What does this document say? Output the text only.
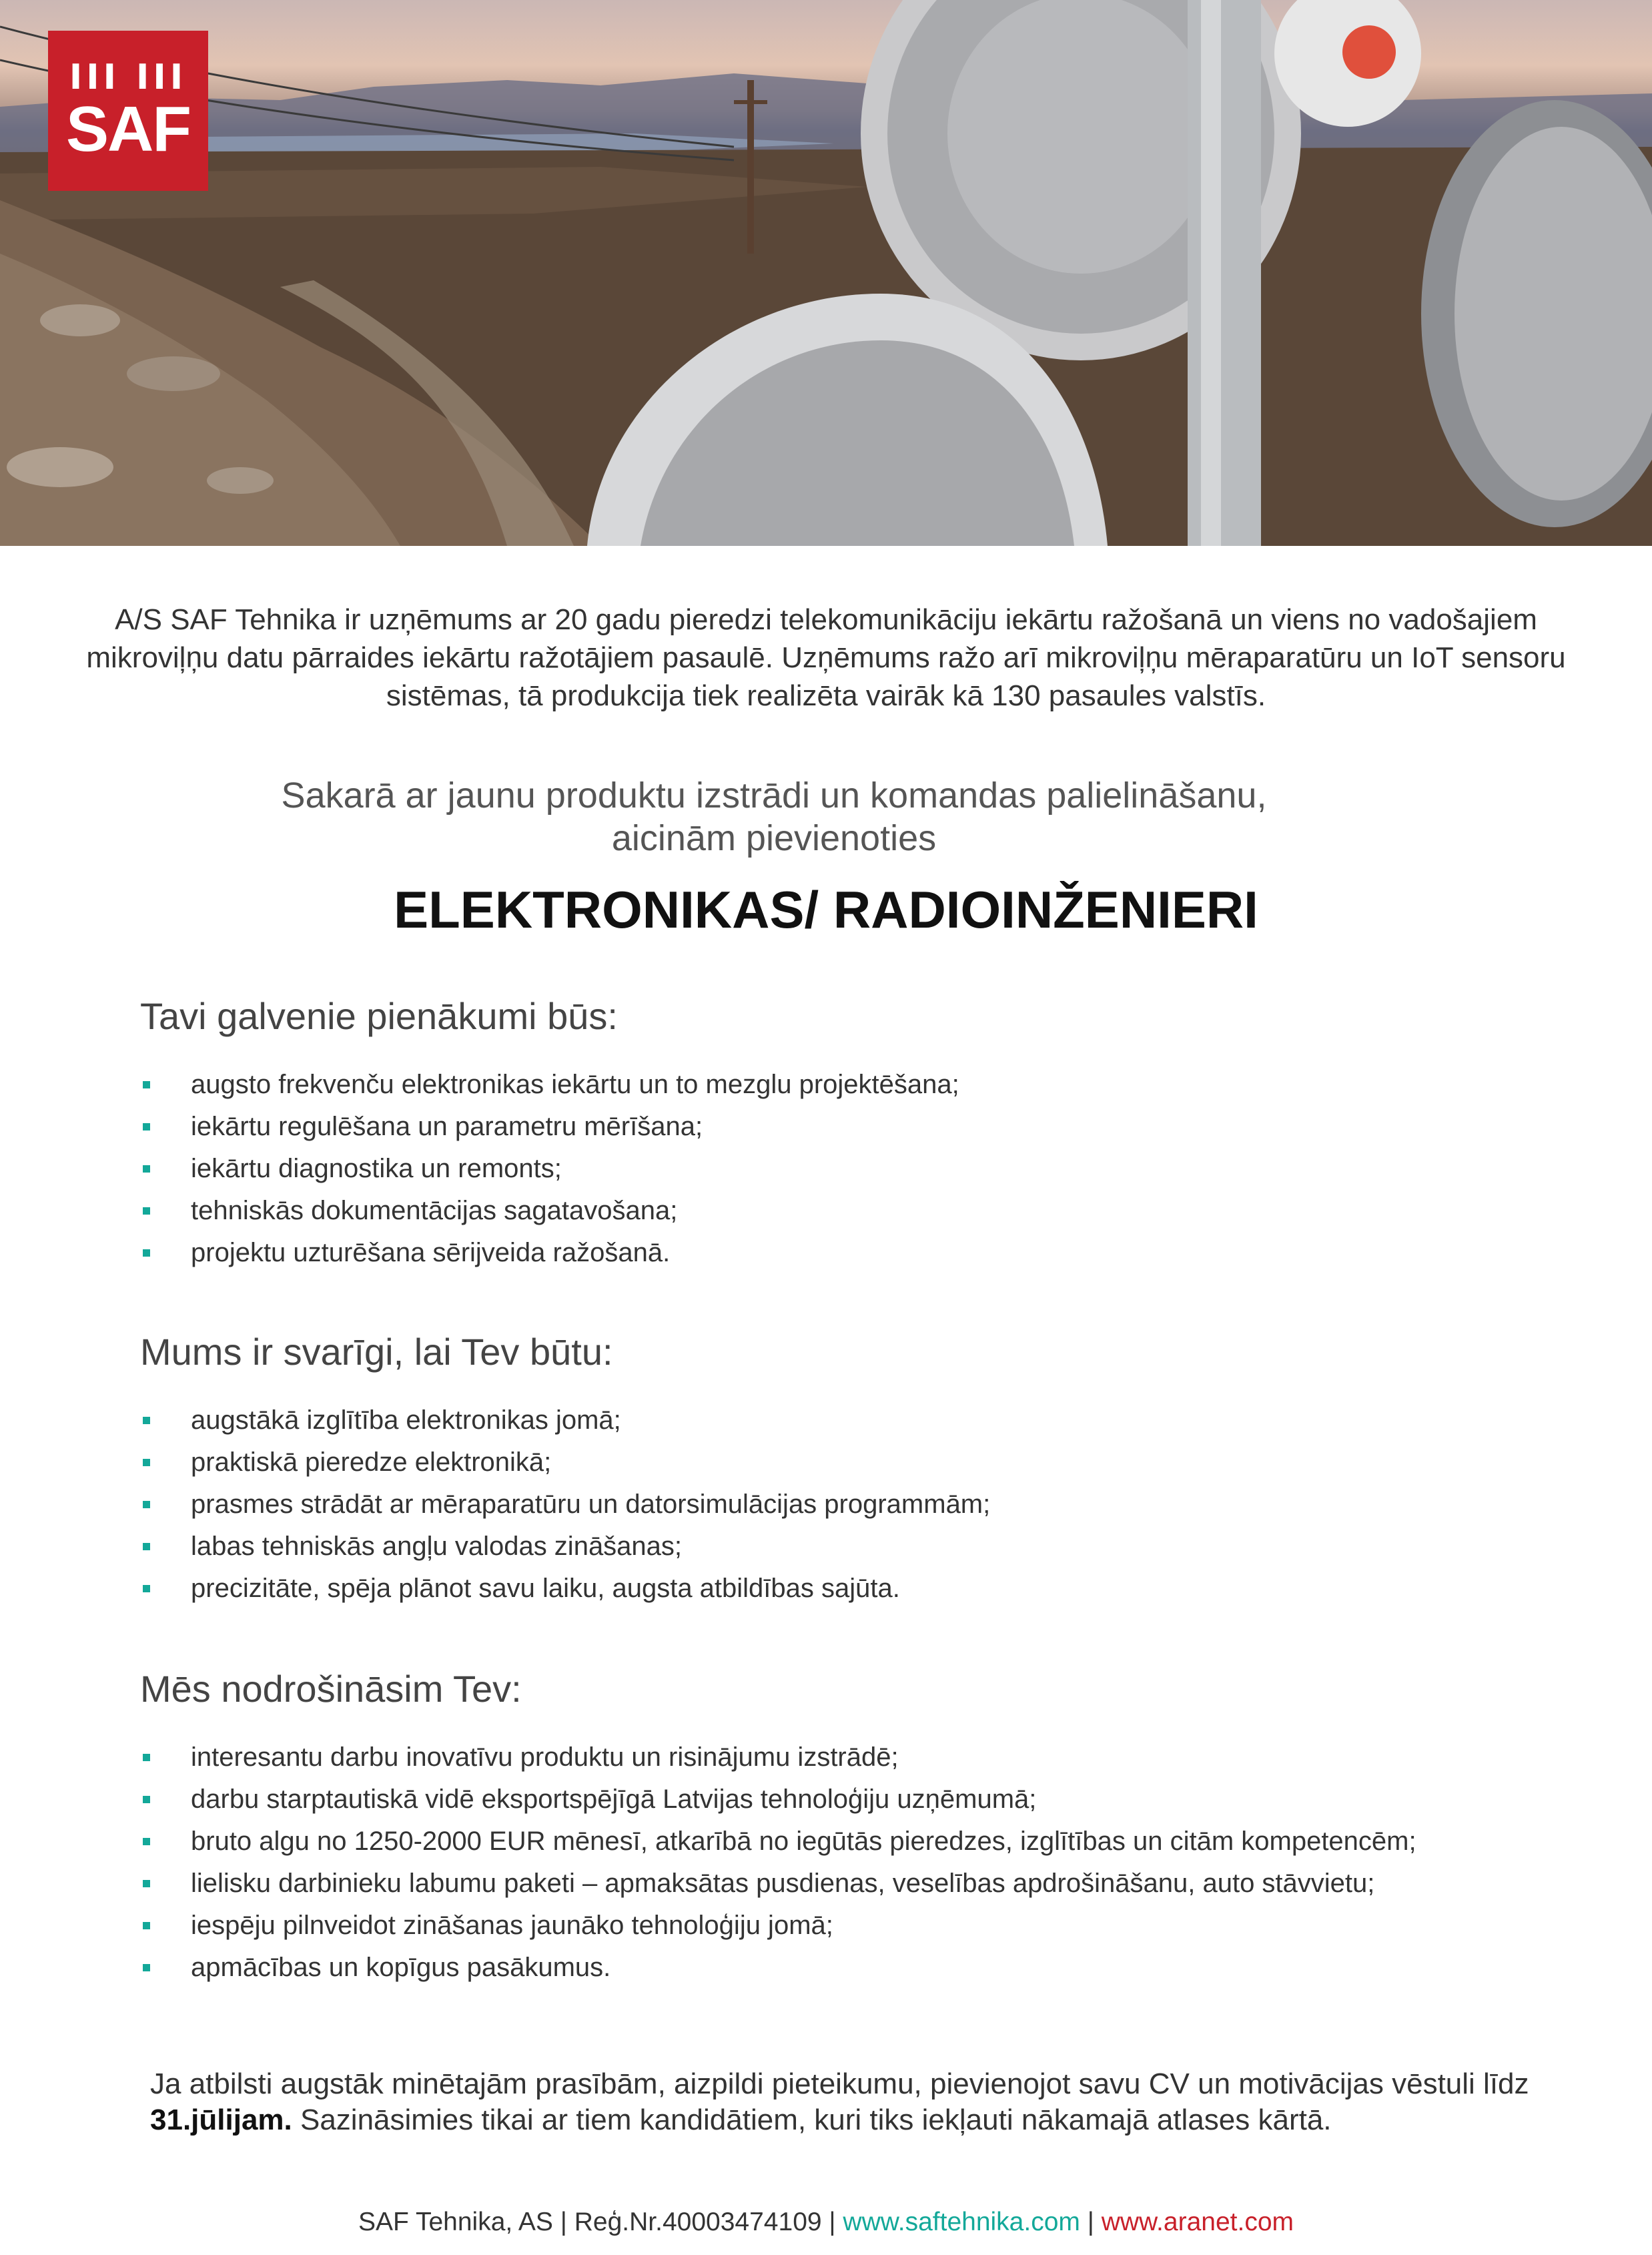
III III
SAF
A/S SAF Tehnika ir uzņēmums ar 20 gadu pieredzi telekomunikāciju iekārtu ražošanā un viens no vadošajiem mikroviļņu datu pārraides iekārtu ražotājiem pasaulē. Uzņēmums ražo arī mikroviļņu mēraparatūru un IoT sensoru sistēmas, tā produkcija tiek realizēta vairāk kā 130 pasaules valstīs.
Sakarā ar jaunu produktu izstrādi un komandas palielināšanu,
aicinām pievienoties
ELEKTRONIKAS/ RADIOINŽENIERI
Tavi galvenie pienākumi būs:
augsto frekvenču elektronikas iekārtu un to mezglu projektēšana;
iekārtu regulēšana un parametru mērīšana;
iekārtu diagnostika un remonts;
tehniskās dokumentācijas sagatavošana;
projektu uzturēšana sērijveida ražošanā.
Mums ir svarīgi, lai Tev būtu:
augstākā izglītība elektronikas jomā;
praktiskā pieredze elektronikā;
prasmes strādāt ar mēraparatūru un datorsimulācijas programmām;
labas tehniskās angļu valodas zināšanas;
precizitāte, spēja plānot savu laiku, augsta atbildības sajūta.
Mēs nodrošināsim Tev:
interesantu darbu inovatīvu produktu un risinājumu izstrādē;
darbu starptautiskā vidē eksportspējīgā Latvijas tehnoloģiju uzņēmumā;
bruto algu no 1250-2000 EUR mēnesī, atkarībā no iegūtās pieredzes, izglītības un citām kompetencēm;
lielisku darbinieku labumu paketi – apmaksātas pusdienas, veselības apdrošināšanu, auto stāvvietu;
iespēju pilnveidot zināšanas jaunāko tehnoloģiju jomā;
apmācības un kopīgus pasākumus.
Ja atbilsti augstāk minētajām prasībām, aizpildi pieteikumu, pievienojot savu CV un motivācijas vēstuli līdz 31.jūlijam. Sazināsimies tikai ar tiem kandidātiem, kuri tiks iekļauti nākamajā atlases kārtā.
SAF Tehnika, AS | Reģ.Nr.40003474109 | www.saftehnika.com | www.aranet.com
